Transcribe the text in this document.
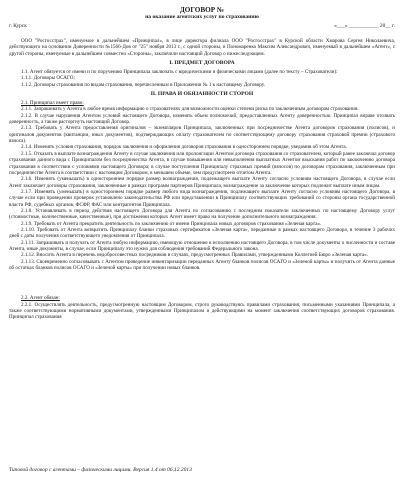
ДОГОВОР №
на оказание агентских услуг по страхованию
г. Курск	«___» ___________ 20__ г.

ООО "Росгосстрах", именуемое в дальнейшем «Принципал», в лице директора филиала ООО "Росгосстрах" в Курской области Хмарова Сергея Николаевича, действующего на основании Доверенности №1566-Дов от "25" ноября 2013 г., с одной стороны, и Пономаренко Максим Александрович, именуемый в дальнейшем «Агент», с другой стороны, именуемые в дальнейшем совместно «Стороны», заключили настоящий Договор о нижеследующем.

I. ПРЕДМЕТ ДОГОВОРА

1.1. Агент обязуется от имени и по поручению Принципала заключать с юридическими и физическими лицами (далее по тексту – Страхователи):

1.1.1. Договоры ОСАГО;

1.1.2. Договоры страхования по видам страхования, перечисленным в Приложении № 1 к настоящему Договору.

II. ПРАВА И ОБЯЗАННОСТИ СТОРОН

2.1. Принципал имеет право:

2.1.1. Запрашивать у Агента в любое время информацию о страхователях для возможности оценки степени риска по заключенным договорам страхования.

2.1.2. В случае нарушения Агентом условий настоящего Договора, изменять объем полномочий, предоставленных Агенту доверенностью. Принципал вправе отозвать доверенность, а также расторгнуть настоящий Договор.

2.1.3. Требовать у Агента предоставления оригиналов – экземпляров Принципала, заключенных при посредничестве Агента договоров страхования (полисов), и оригиналов документов (квитанции, иных документов), подтверждающих оплату страхователем по соответствующему договору страхования страховой премии (страхового взноса).

2.1.4. Изменять условия страхования, порядок заключения и оформления договоров страхования в одностороннем порядке, уведомив об этом Агента.

2.1.5. Отказать в выплате вознаграждения Агенту в случае заключения или пролонгации Агентом договора страхования со страхователем, который ранее заключал договор страхования данного вида с Принципалом без посредничества Агента, в случае повышения или невыполнения выплатных Агентом взыскания работ по заключению договора страхования в соответствии с условиями настоящего Договора; в случае поступления Принципалу страховых премий (взносов) по договорам страхования, заключенным при посредничестве Агента в соответствии с настоящим Договором, в меньшем объеме, чем предусмотрено отчетом Агента.

2.1.6. Изменять (уменьшать) в одностороннем порядке размер вознаграждения, подлежащего выплате Агенту согласно условиям настоящего Договора, в случае если Агент заключает договоры страхования, заключенные в рамках программ партнеров Принципала, вознаграждение за заключение которых подлежит выплате иным лицам.

2.1.7. Изменять (уменьшать) в одностороннем порядке размер любого вида вознаграждения, подлежащего выплате Агенту согласно условиям настоящего Договора, в случае если при проведении проверок установлено законодательства РФ или представлении в Принципалу соответствующих требований со стороны органа государственной власти РФ, судебных органов, ФСФР, ФАС или контрагентов Принципала.

2.1.8. Устанавливать в период действия настоящего Договора для Агента по согласованию с последним показатели заключенных по настоящему Договору услуг (стоимостные, количественные, качественные), при достижении которых Агент имеет право на получение дополнительного вознаграждения.

2.1.9. Требовать от Агента прекратить деятельность по заключению от имени Принципала новых договоров страхования «Зеленая карта».

2.1.10. Требовать от Агента возвратить Принципалу бланки страховых сертификатов «Зеленая карта», переданные в рамках настоящего Договора, в течение 3 рабочих дней с даты получения соответствующего уведомления от Принципала.

2.1.11. Запрашивать и получать от Агента любую информацию, имеющую отношение к исполнению настоящего Договора, в том числе документы о численности и составе Агента, иные документы, в случае, если Принципалу это нужно для соблюдения требований Федерального закона.

2.1.12. Вносить Агента в перечень недобросовестных посредников в случаях, предусмотренных Правилами, утвержденными Коллегией Бюро «Зеленая карта».

2.1.13. Своевременно согласовывать с Агентом проведение инвентаризации переданных Агенту бланков полисов ОСАГО и «Зеленой карты» и получить от Агента данные об остатках бланков полисов ОСАГО и «Зеленой карты» при получении новых бланков.

2.2. Агент обязан:

2.2.1. Осуществлять деятельность, предусмотренную настоящим Договором, строго руководствуясь правилами страхования, письменными указаниями Принципала, а также соответствующими нормативными документами, утвержденными Принципалом и действующими на момент заключения соответствующих договоров страхования. Принципал страхования

Типовой договор с агентами – физическими лицами. Версия 1.4 от 06.12.2013
